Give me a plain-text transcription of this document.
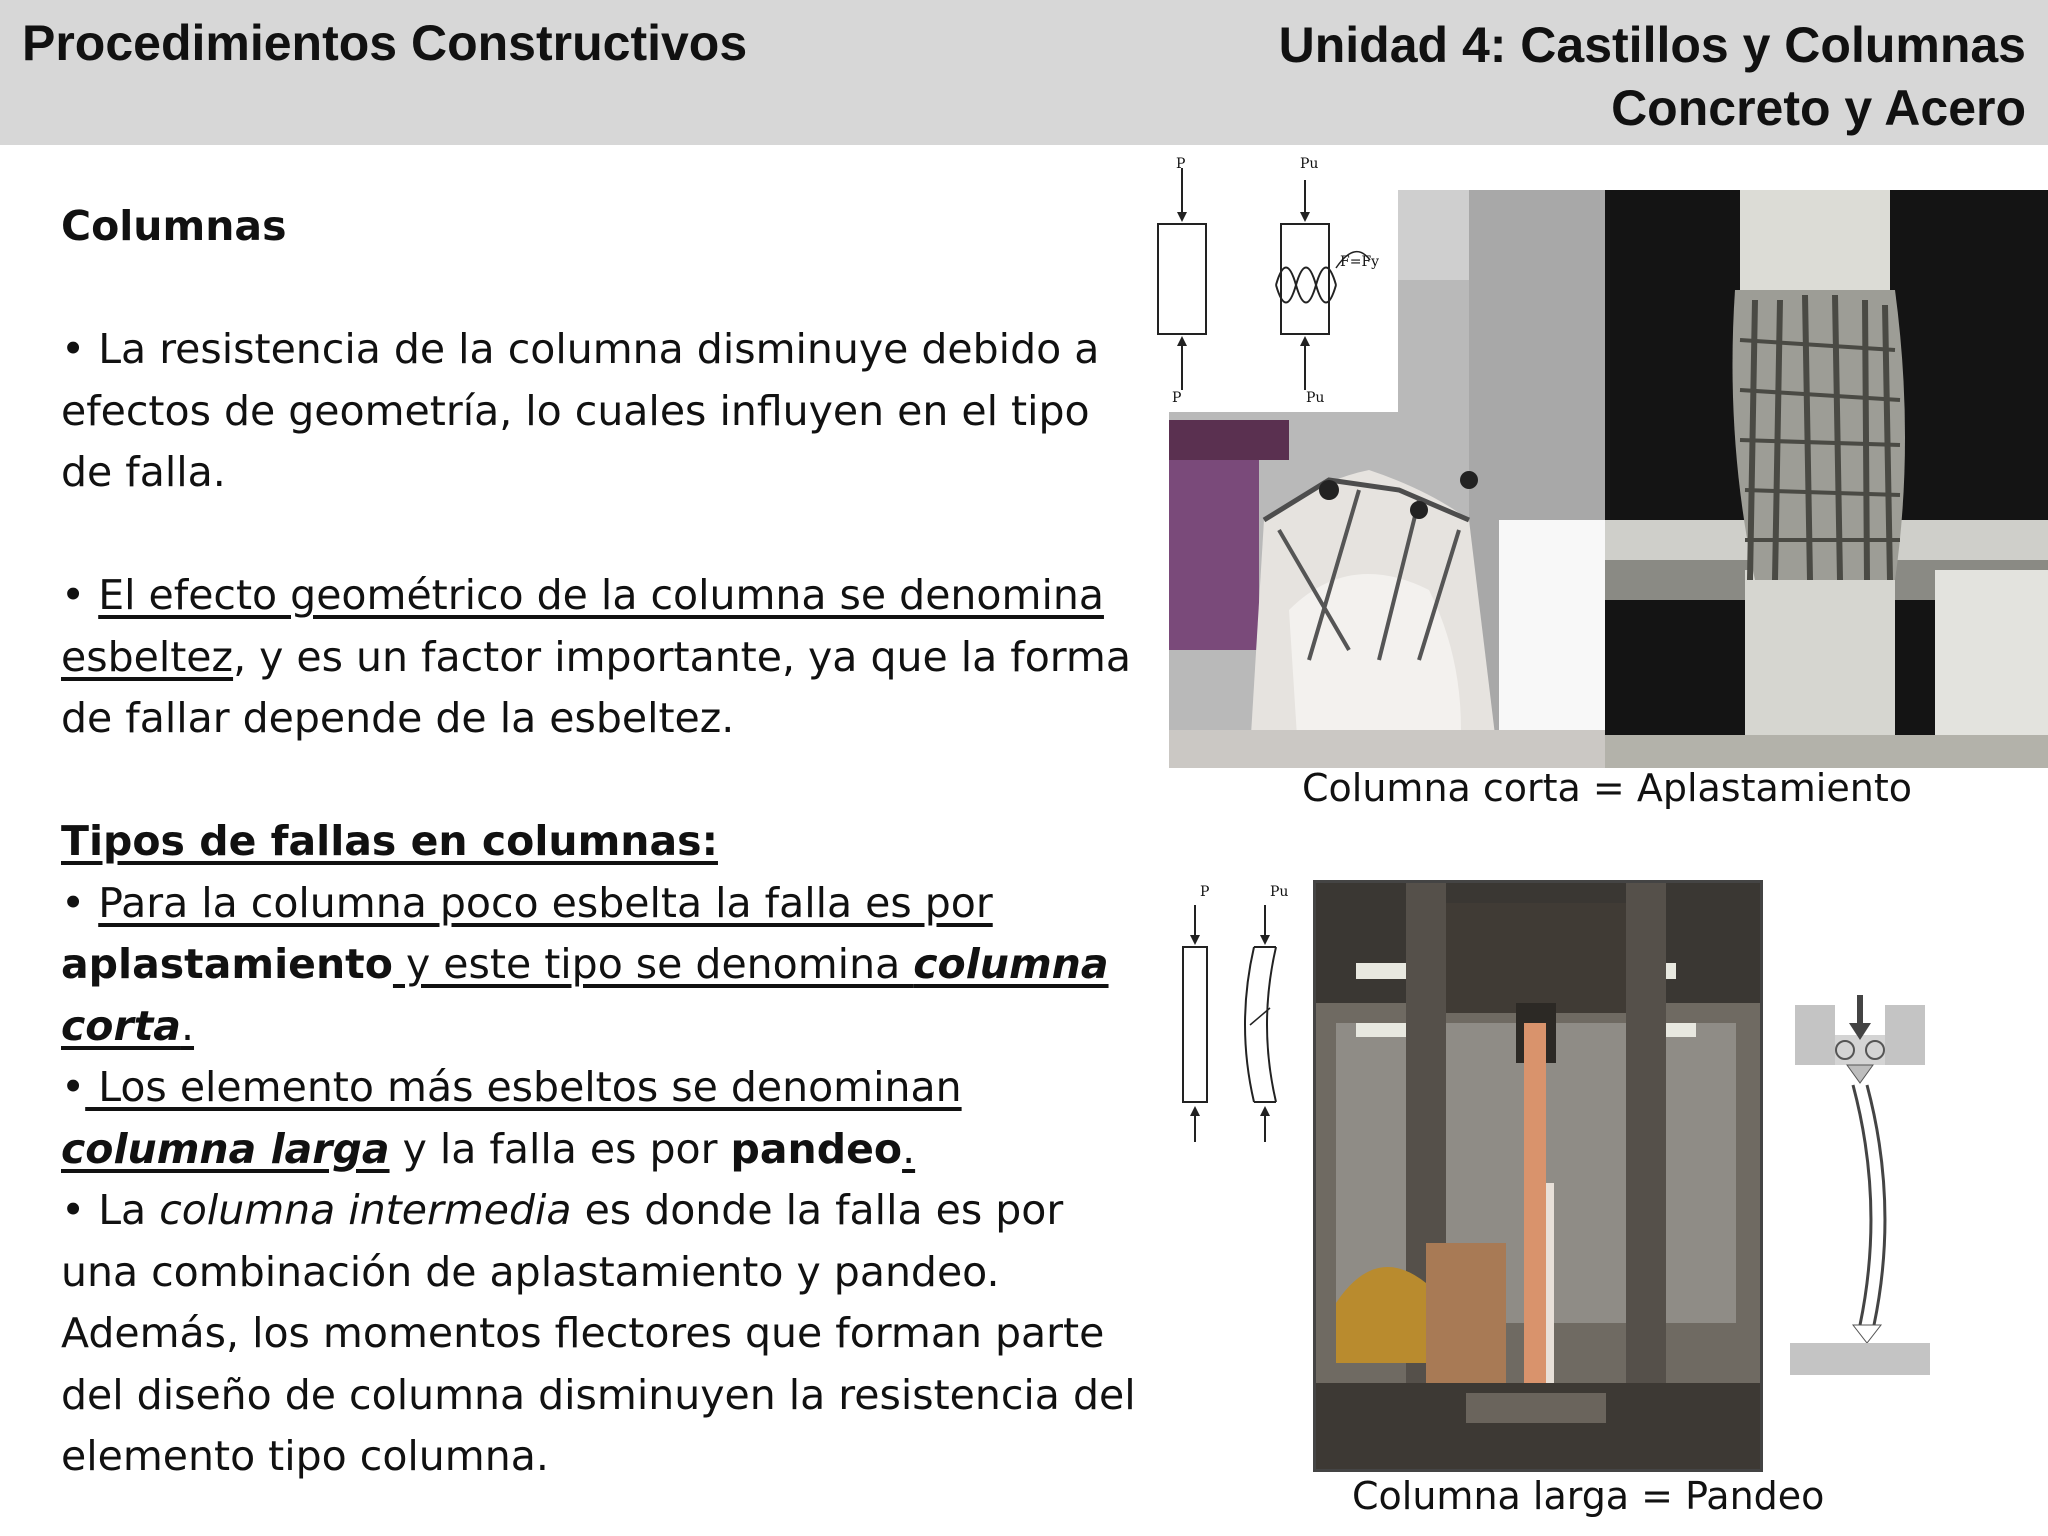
Procedimientos Constructivos	Unidad 4: Castillos y Columnas
Concreto y Acero

Columnas

• La resistencia de la columna disminuye debido a efectos de geometría, lo cuales influyen en el tipo de falla.

• El efecto geométrico de la columna se denomina esbeltez, y es un factor importante, ya que la forma de fallar depende de la esbeltez.

Tipos de fallas en columnas:

• Para la columna poco esbelta la falla es por aplastamiento y este tipo se denomina columna corta.

• Los elemento más esbeltos se denominan columna larga y la falla es por pandeo.

• La columna intermedia es donde la falla es por una combinación de aplastamiento y pandeo. Además, los momentos flectores que forman parte del diseño de columna disminuyen la resistencia del elemento tipo columna.

P	Pu
F=Fy
P	Pu
Columna corta = Aplastamiento
P	Pu
Columna larga = Pandeo
